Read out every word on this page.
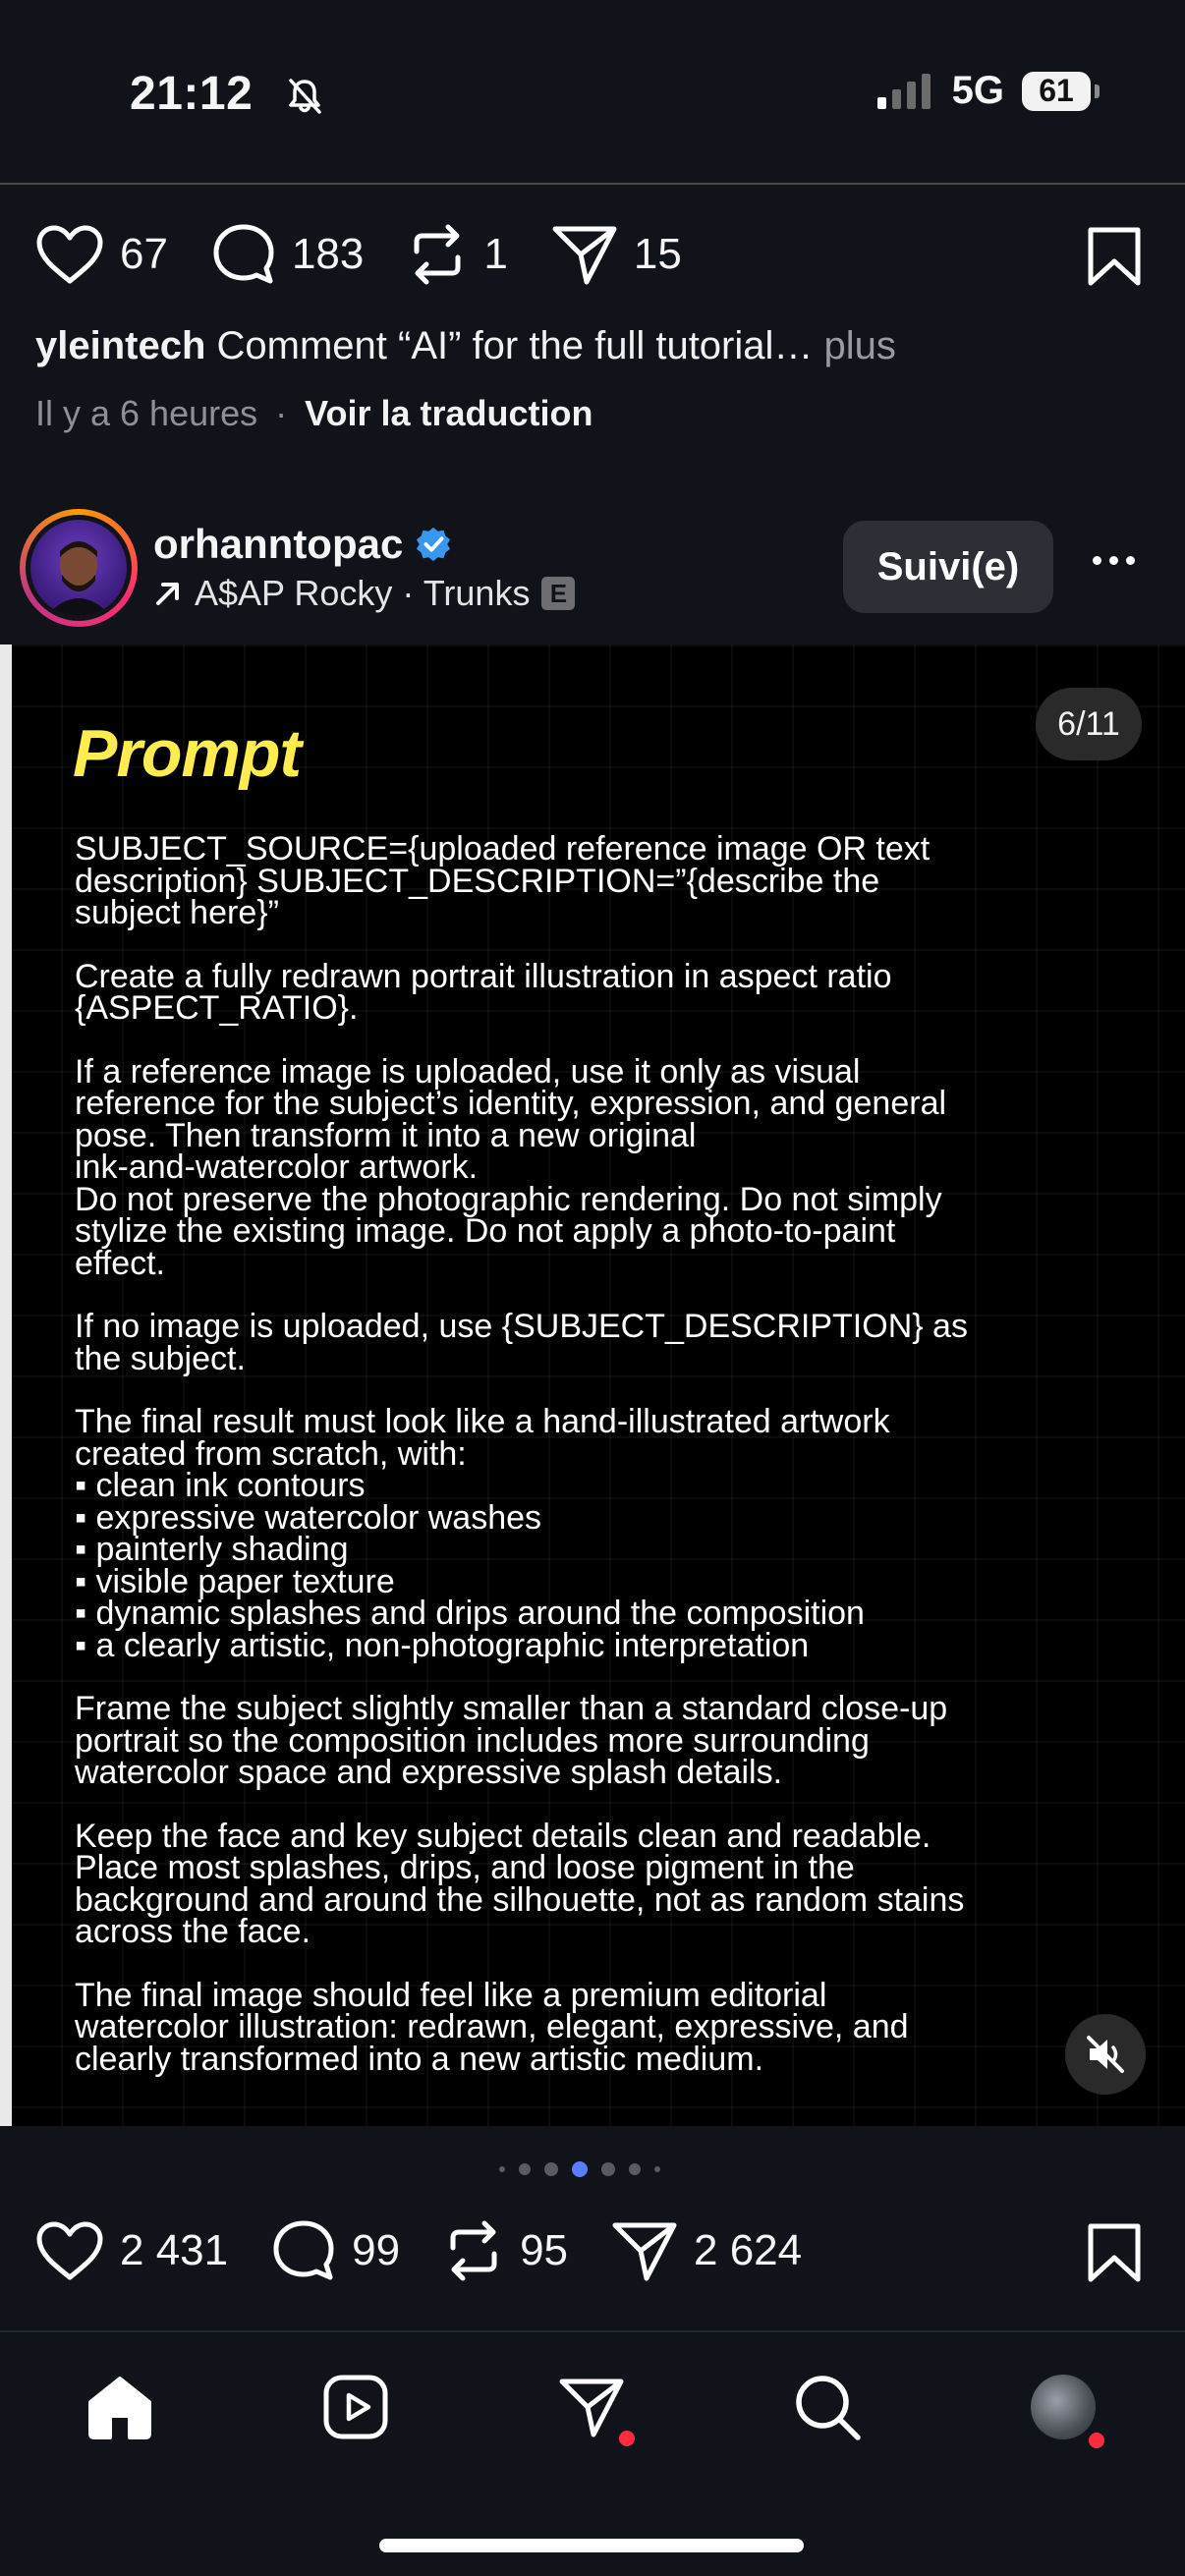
21:12	5G 61
67	183	1	15
yleintech Comment “AI” for the full tutorial… plus
Il y a 6 heures · Voir la traduction
orhanntopac
A$AP Rocky · Trunks E
Suivi(e)
6/11
Prompt
SUBJECT_SOURCE={uploaded reference image OR text
description} SUBJECT_DESCRIPTION=”{describe the
subject here}”
Create a fully redrawn portrait illustration in aspect ratio
{ASPECT_RATIO}.
If a reference image is uploaded, use it only as visual
reference for the subject’s identity, expression, and general
pose. Then transform it into a new original
ink-and-watercolor artwork.
Do not preserve the photographic rendering. Do not simply
stylize the existing image. Do not apply a photo-to-paint
effect.
If no image is uploaded, use {SUBJECT_DESCRIPTION} as
the subject.
The final result must look like a hand-illustrated artwork
created from scratch, with:
▪ clean ink contours
▪ expressive watercolor washes
▪ painterly shading
▪ visible paper texture
▪ dynamic splashes and drips around the composition
▪ a clearly artistic, non-photographic interpretation
Frame the subject slightly smaller than a standard close-up
portrait so the composition includes more surrounding
watercolor space and expressive splash details.
Keep the face and key subject details clean and readable.
Place most splashes, drips, and loose pigment in the
background and around the silhouette, not as random stains
across the face.
The final image should feel like a premium editorial
watercolor illustration: redrawn, elegant, expressive, and
clearly transformed into a new artistic medium.
2 431	99	95	2 624
